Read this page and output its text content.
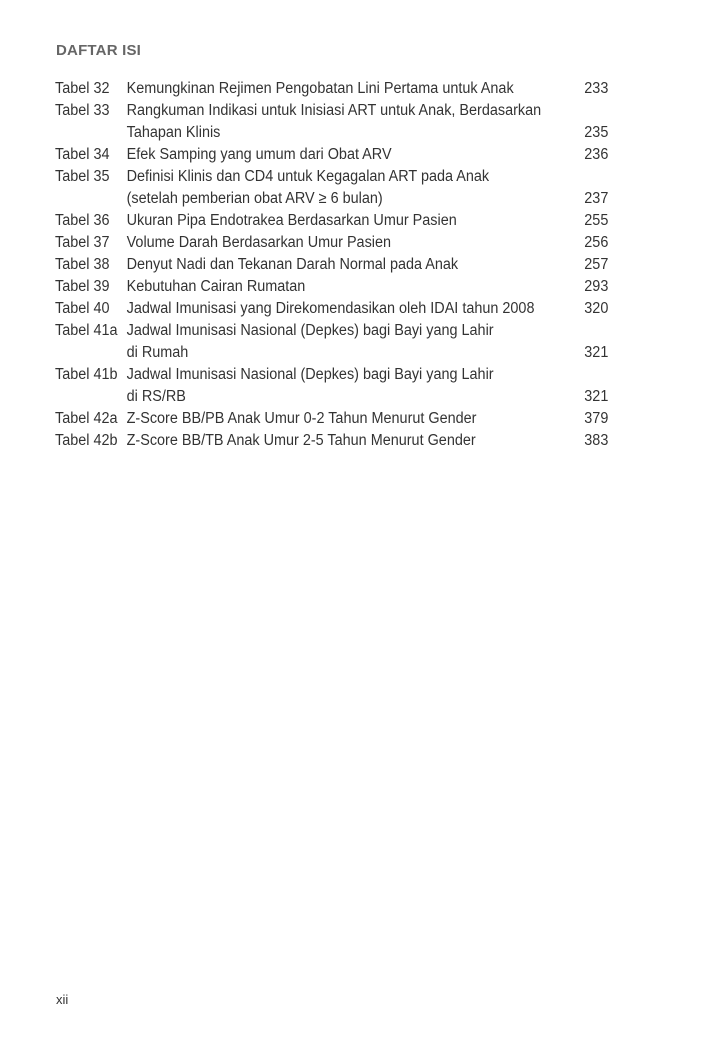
DAFTAR ISI
Tabel 32	Kemungkinan Rejimen Pengobatan Lini Pertama untuk Anak	233
Tabel 33	Rangkuman Indikasi untuk Inisiasi ART untuk Anak, Berdasarkan
Tahapan Klinis	235
Tabel 34	Efek Samping yang umum dari Obat ARV	236
Tabel 35	Definisi Klinis dan CD4 untuk Kegagalan ART pada Anak
(setelah pemberian obat ARV ≥ 6 bulan)	237
Tabel 36	Ukuran Pipa Endotrakea Berdasarkan Umur Pasien	255
Tabel 37	Volume Darah Berdasarkan Umur Pasien	256
Tabel 38	Denyut Nadi dan Tekanan Darah Normal pada Anak	257
Tabel 39	Kebutuhan Cairan Rumatan	293
Tabel 40	Jadwal Imunisasi yang Direkomendasikan oleh IDAI tahun 2008	320
Tabel 41a Jadwal Imunisasi Nasional (Depkes) bagi Bayi yang Lahir
di Rumah	321
Tabel 41b Jadwal Imunisasi Nasional (Depkes) bagi Bayi yang Lahir
di RS/RB	321
Tabel 42a Z-Score BB/PB Anak Umur 0-2 Tahun Menurut Gender	379
Tabel 42b Z-Score BB/TB Anak Umur 2-5 Tahun Menurut Gender	383
xii
